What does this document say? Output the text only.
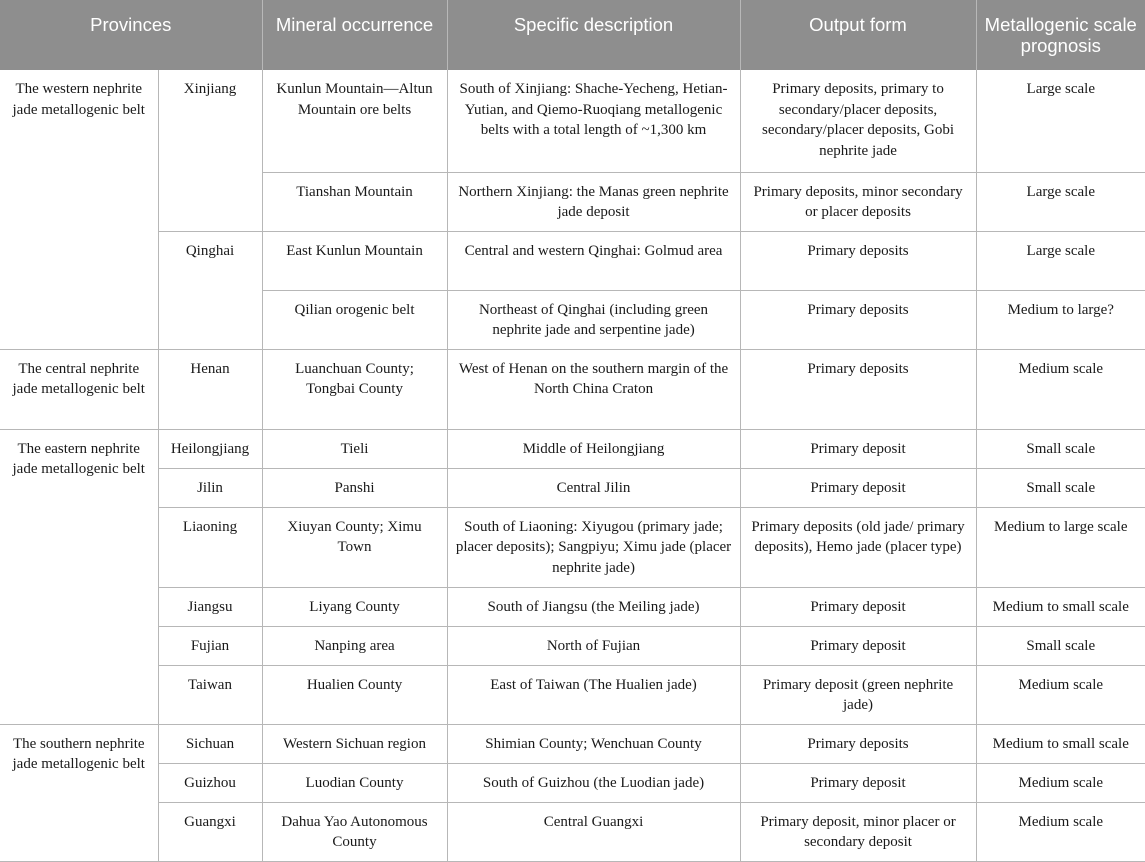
Provinces		Mineral occurrence	Specific description	Output form	Metallogenic scale prognosis
The western nephrite jade metallogenic belt	Xinjiang	Kunlun Mountain—Altun Mountain ore belts	South of Xinjiang: Shache-Yecheng, Hetian-Yutian, and Qiemo-Ruoqiang metallogenic belts with a total length of ~1,300 km	Primary deposits, primary to secondary/placer deposits, secondary/placer deposits, Gobi nephrite jade	Large scale
		Tianshan Mountain	Northern Xinjiang: the Manas green nephrite jade deposit	Primary deposits, minor secondary or placer deposits	Large scale
	Qinghai	East Kunlun Mountain	Central and western Qinghai: Golmud area	Primary deposits	Large scale
		Qilian orogenic belt	Northeast of Qinghai (including green nephrite jade and serpentine jade)	Primary deposits	Medium to large?
The central nephrite jade metallogenic belt	Henan	Luanchuan County; Tongbai County	West of Henan on the southern margin of the North China Craton	Primary deposits	Medium scale
The eastern nephrite jade metallogenic belt	Heilongjiang	Tieli	Middle of Heilongjiang	Primary deposit	Small scale
	Jilin	Panshi	Central Jilin	Primary deposit	Small scale
	Liaoning	Xiuyan County; Ximu Town	South of Liaoning: Xiyugou (primary jade; placer deposits); Sangpiyu; Ximu jade (placer nephrite jade)	Primary deposits (old jade/ primary deposits), Hemo jade (placer type)	Medium to large scale
	Jiangsu	Liyang County	South of Jiangsu (the Meiling jade)	Primary deposit	Medium to small scale
	Fujian	Nanping area	North of Fujian	Primary deposit	Small scale
	Taiwan	Hualien County	East of Taiwan (The Hualien jade)	Primary deposit (green nephrite jade)	Medium scale
The southern nephrite jade metallogenic belt	Sichuan	Western Sichuan region	Shimian County; Wenchuan County	Primary deposits	Medium to small scale
	Guizhou	Luodian County	South of Guizhou (the Luodian jade)	Primary deposit	Medium scale
	Guangxi	Dahua Yao Autonomous County	Central Guangxi	Primary deposit, minor placer or secondary deposit	Medium scale
